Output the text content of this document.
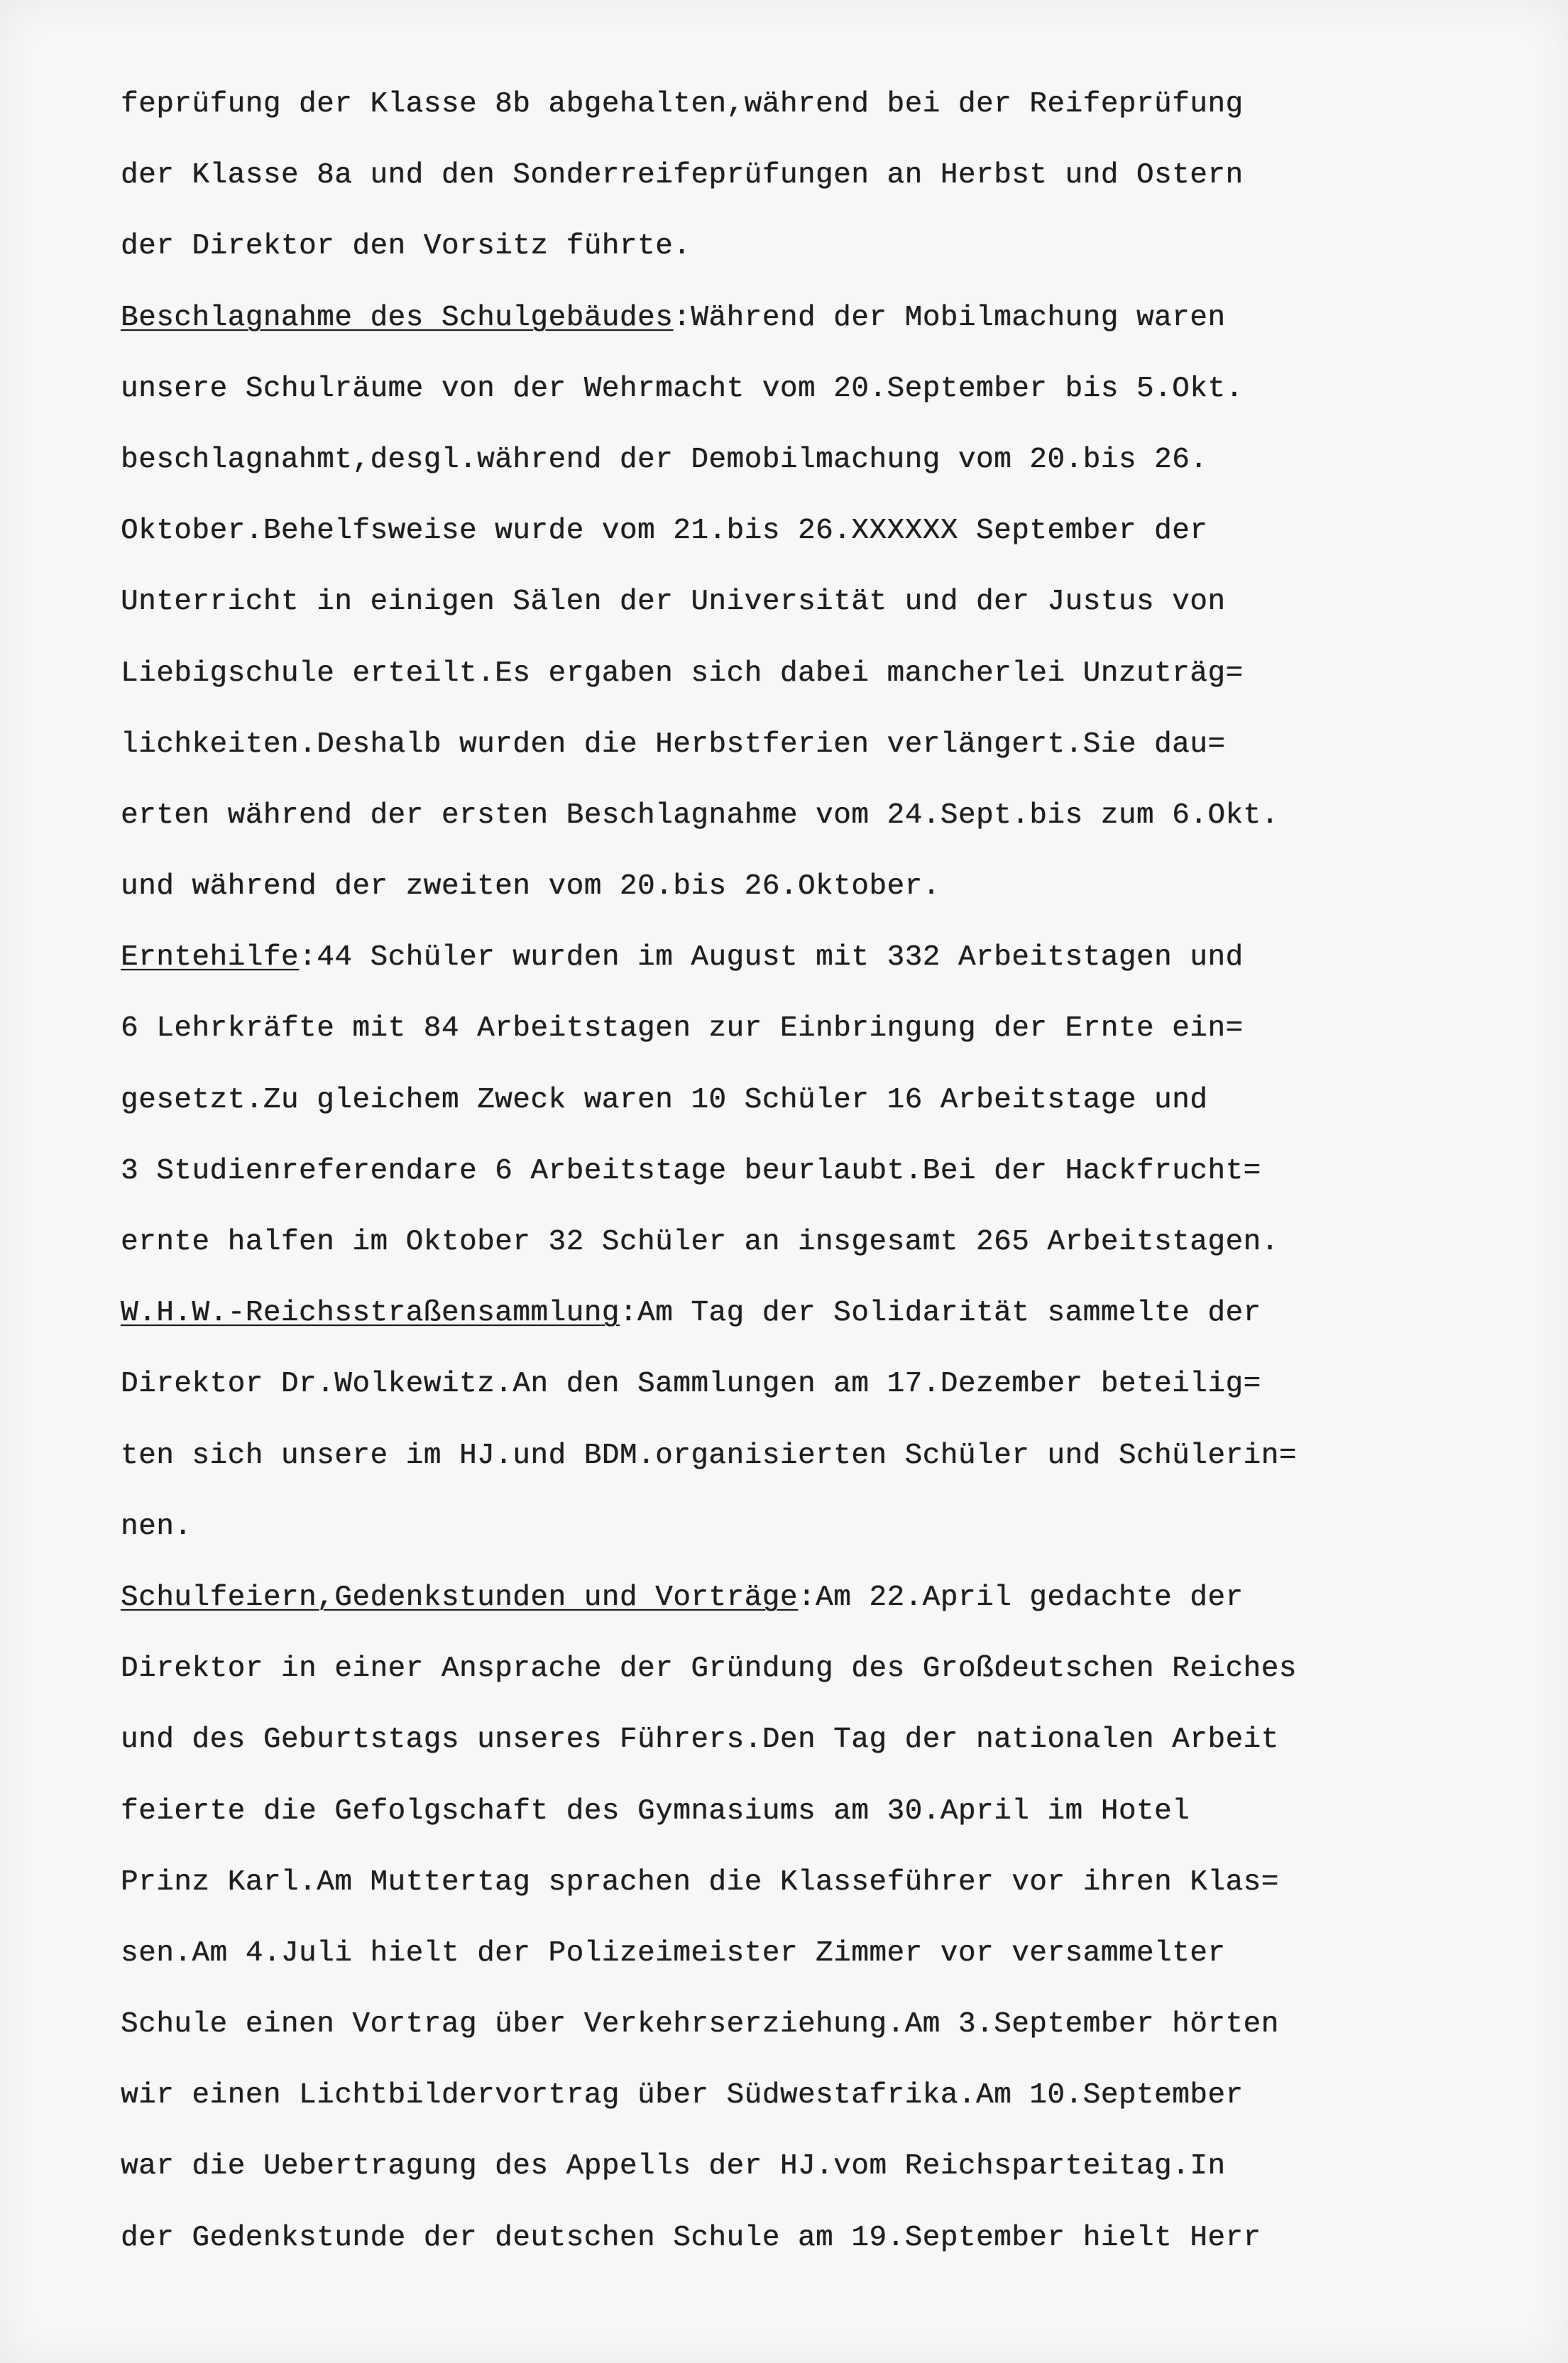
feprüfung der Klasse 8b abgehalten,während bei der Reifeprüfung
der Klasse 8a und den Sonderreifeprüfungen an Herbst und Ostern
der Direktor den Vorsitz führte.
Beschlagnahme des Schulgebäudes:Während der Mobilmachung waren
unsere Schulräume von der Wehrmacht vom 20.September bis 5.Okt.
beschlagnahmt,desgl.während der Demobilmachung vom 20.bis 26.
Oktober.Behelfsweise wurde vom 21.bis 26.XXXXXX September der
Unterricht in einigen Sälen der Universität und der Justus von
Liebigschule erteilt.Es ergaben sich dabei mancherlei Unzuträg=
lichkeiten.Deshalb wurden die Herbstferien verlängert.Sie dau=
erten während der ersten Beschlagnahme vom 24.Sept.bis zum 6.Okt.
und während der zweiten vom 20.bis 26.Oktober.
Erntehilfe:44 Schüler wurden im August mit 332 Arbeitstagen und
6 Lehrkräfte mit 84 Arbeitstagen zur Einbringung der Ernte ein=
gesetzt.Zu gleichem Zweck waren 10 Schüler 16 Arbeitstage und
3 Studienreferendare 6 Arbeitstage beurlaubt.Bei der Hackfrucht=
ernte halfen im Oktober 32 Schüler an insgesamt 265 Arbeitstagen.
W.H.W.-Reichsstraßensammlung:Am Tag der Solidarität sammelte der
Direktor Dr.Wolkewitz.An den Sammlungen am 17.Dezember beteilig=
ten sich unsere im HJ.und BDM.organisierten Schüler und Schülerin=
nen.
Schulfeiern,Gedenkstunden und Vorträge:Am 22.April gedachte der
Direktor in einer Ansprache der Gründung des Großdeutschen Reiches
und des Geburtstags unseres Führers.Den Tag der nationalen Arbeit
feierte die Gefolgschaft des Gymnasiums am 30.April im Hotel
Prinz Karl.Am Muttertag sprachen die Klasseführer vor ihren Klas=
sen.Am 4.Juli hielt der Polizeimeister Zimmer vor versammelter
Schule einen Vortrag über Verkehrserziehung.Am 3.September hörten
wir einen Lichtbildervortrag über Südwestafrika.Am 10.September
war die Uebertragung des Appells der HJ.vom Reichsparteitag.In
der Gedenkstunde der deutschen Schule am 19.September hielt Herr
